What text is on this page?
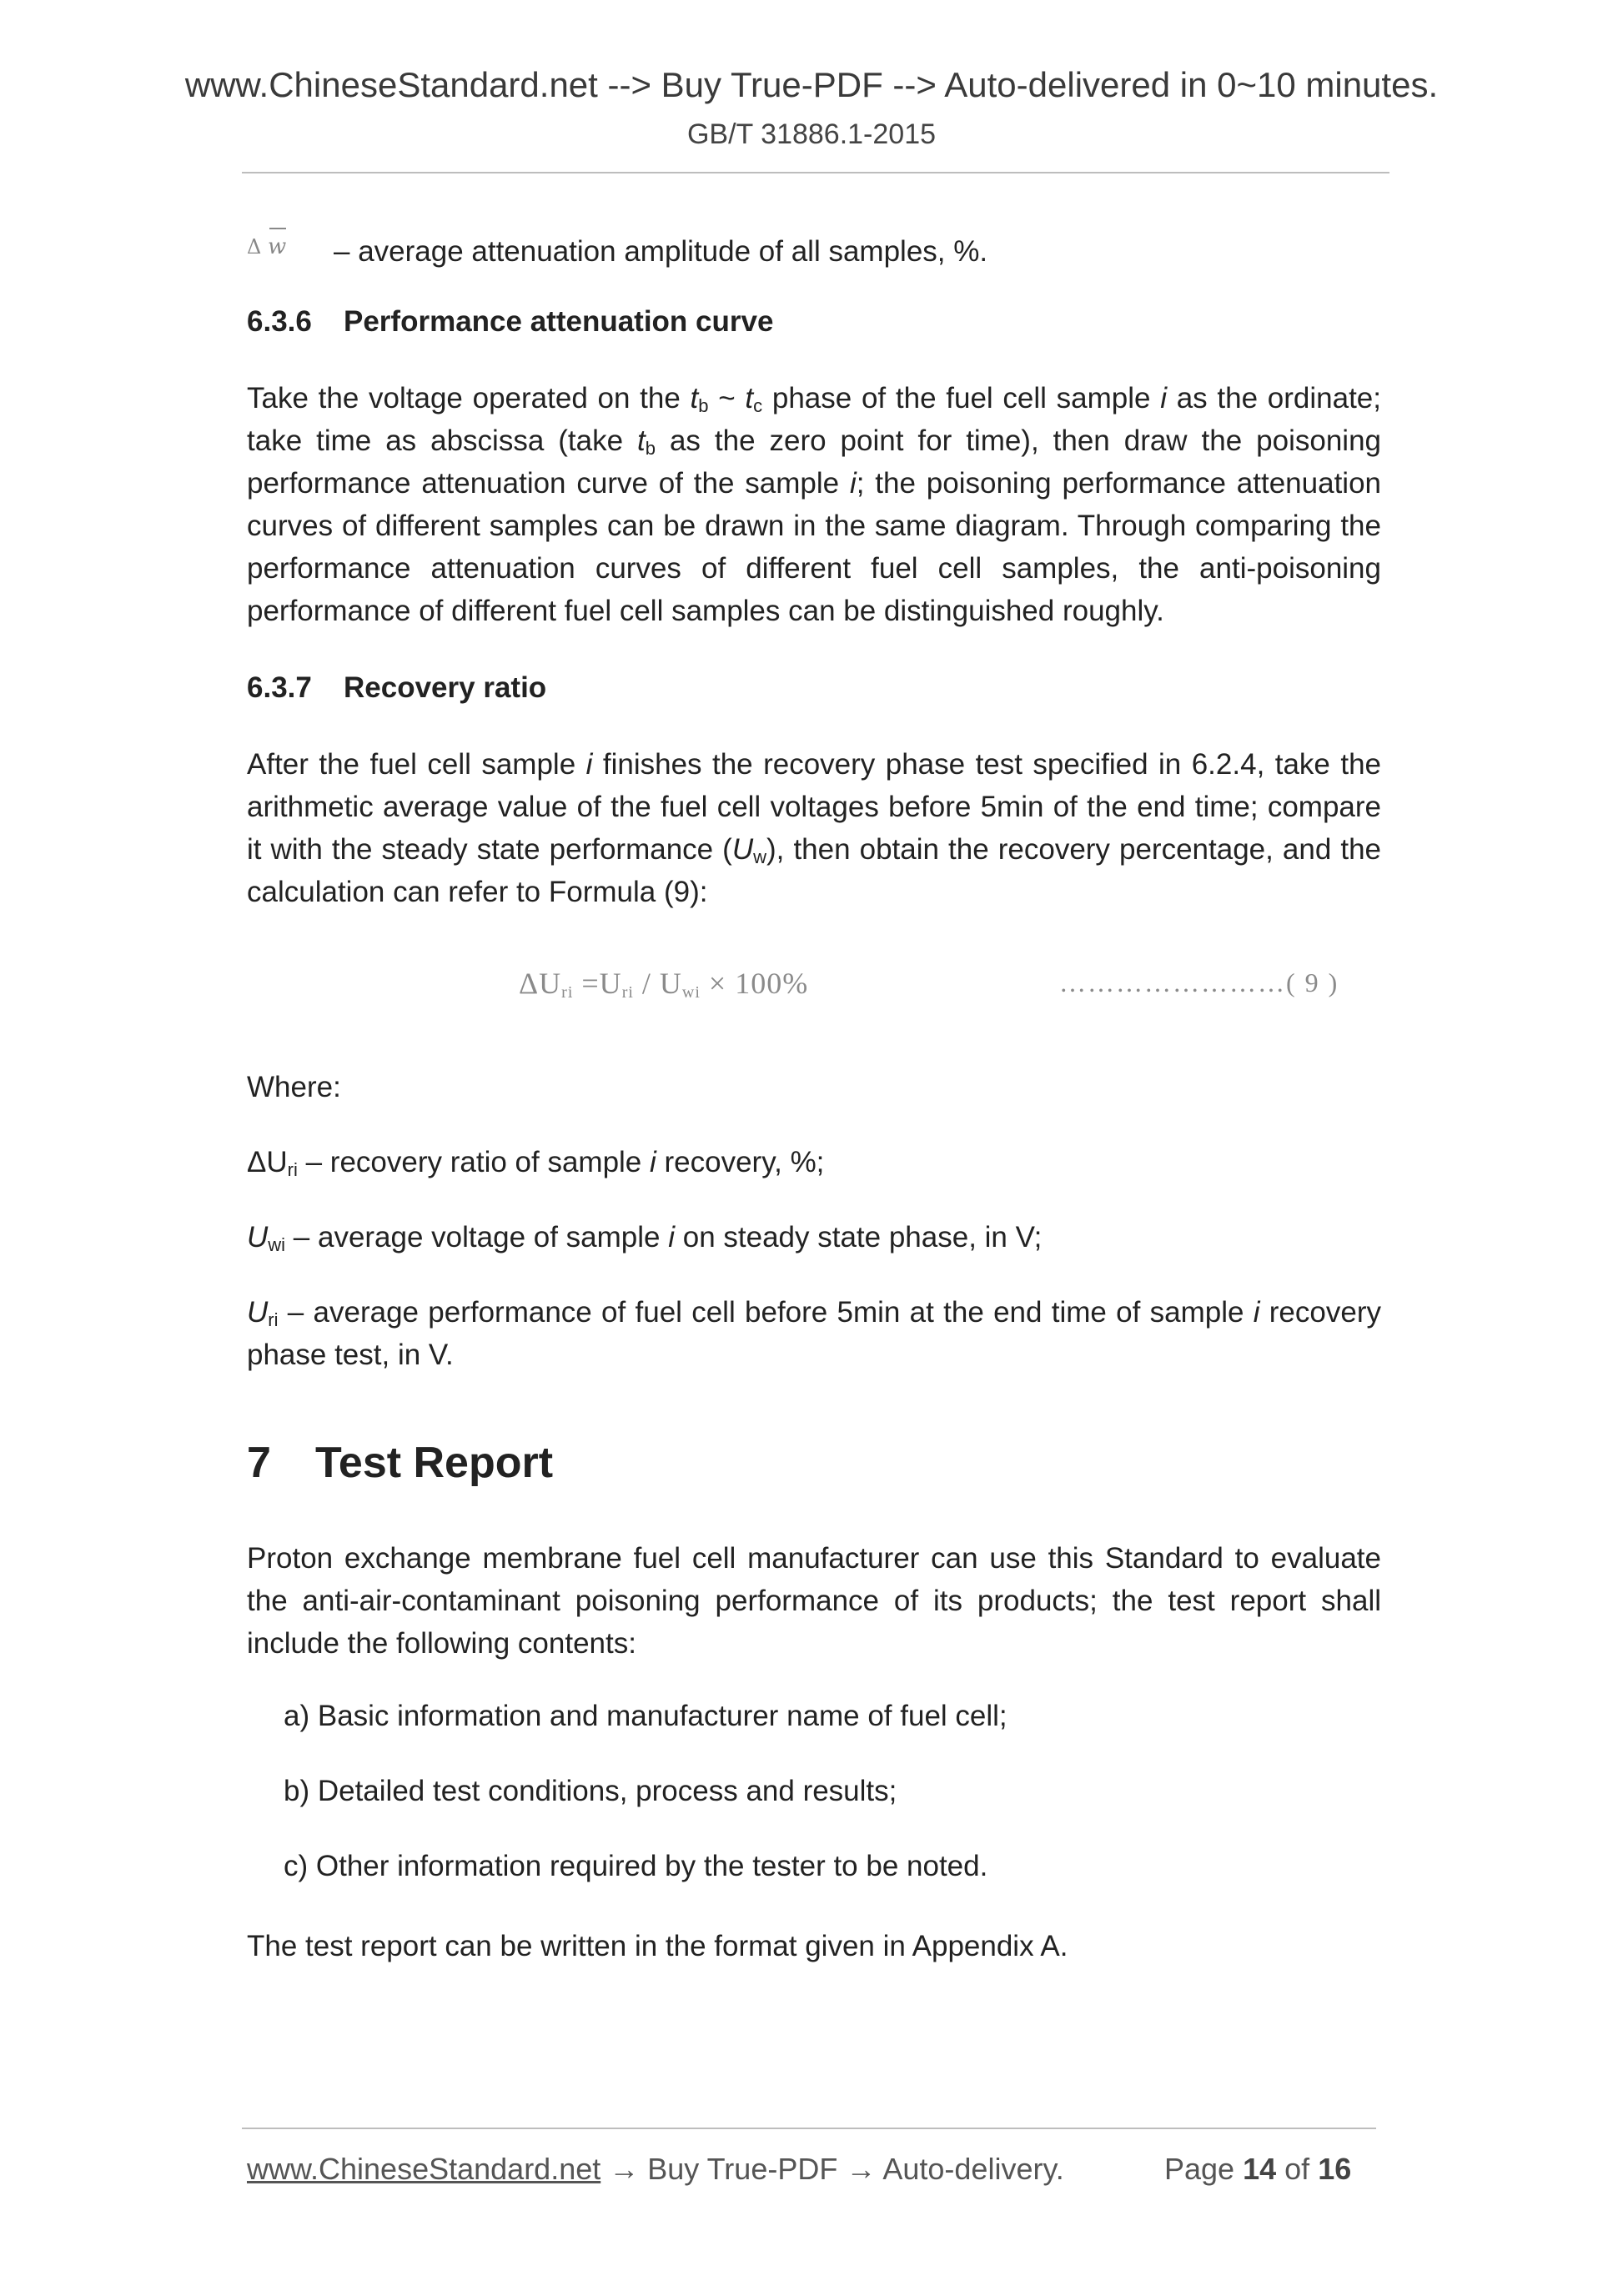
www.ChineseStandard.net --> Buy True-PDF --> Auto-delivered in 0~10 minutes.
GB/T 31886.1-2015
Δ w – average attenuation amplitude of all samples, %.
6.3.6 Performance attenuation curve
Take the voltage operated on the $t_b$ ~ $t_c$ phase of the fuel cell sample i as the ordinate; take time as abscissa (take $t_b$ as the zero point for time), then draw the poisoning performance attenuation curve of the sample i; the poisoning performance attenuation curves of different samples can be drawn in the same diagram. Through comparing the performance attenuation curves of different fuel cell samples, the anti-poisoning performance of different fuel cell samples can be distinguished roughly.
6.3.7 Recovery ratio
After the fuel cell sample i finishes the recovery phase test specified in 6.2.4, take the arithmetic average value of the fuel cell voltages before 5min of the end time; compare it with the steady state performance $(U_w)$, then obtain the recovery percentage, and the calculation can refer to Formula (9):
$\Delta U_{ri} =U_{ri} / U_{wi} \times 100\%$	……………………( 9 )
Where:
$\Delta U_{ri}$ – recovery ratio of sample i recovery, %;
$U_{wi}$ – average voltage of sample i on steady state phase, in V;
$U_{ri}$ – average performance of fuel cell before 5min at the end time of sample i recovery phase test, in V.
7 Test Report
Proton exchange membrane fuel cell manufacturer can use this Standard to evaluate the anti-air-contaminant poisoning performance of its products; the test report shall include the following contents:
a) Basic information and manufacturer name of fuel cell;
b) Detailed test conditions, process and results;
c) Other information required by the tester to be noted.
The test report can be written in the format given in Appendix A.
www.ChineseStandard.net → Buy True-PDF → Auto-delivery.	Page 14 of 16
